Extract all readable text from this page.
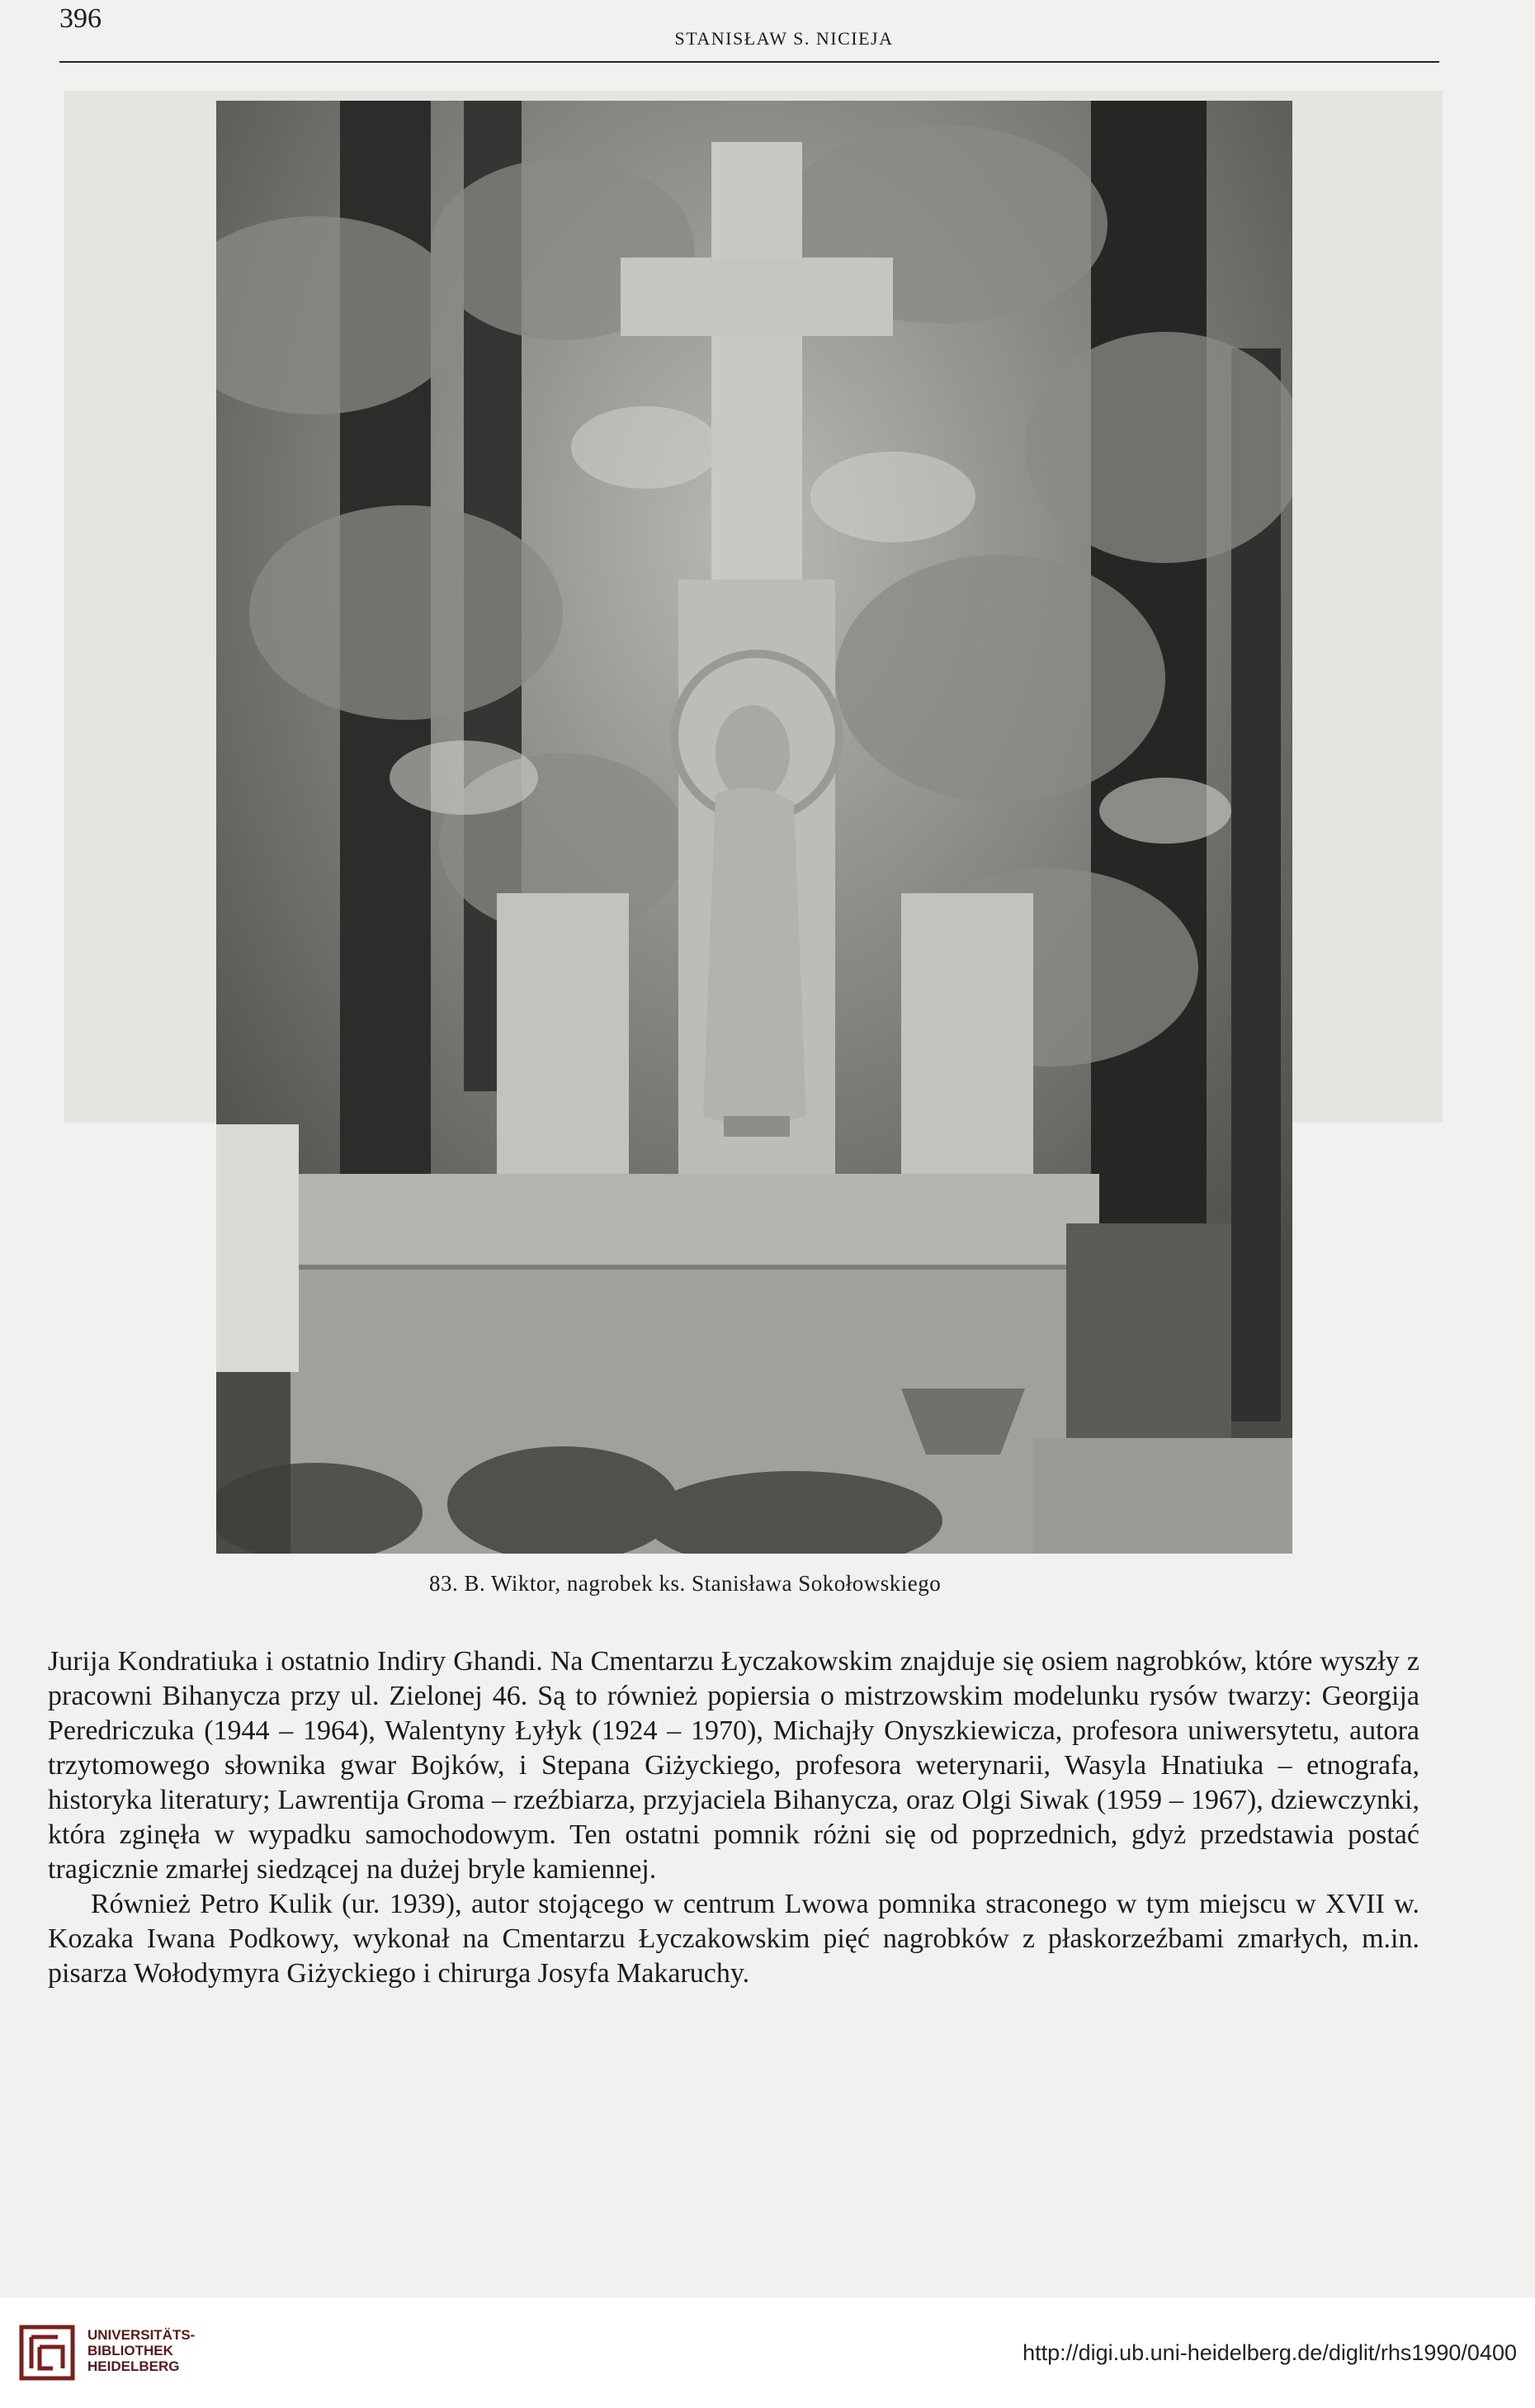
396
STANISŁAW S. NICIEJA
83. B. Wiktor, nagrobek ks. Stanisława Sokołowskiego

Jurija Kondratiuka i ostatnio Indiry Ghandi. Na Cmentarzu Łyczakowskim znajduje się osiem nagrobków, które wyszły z pracowni Bihanycza przy ul. Zielonej 46. Są to również popiersia o mistrzowskim modelunku rysów twarzy: Georgija Peredriczuka (1944 – 1964), Walentyny Łyłyk (1924 – 1970), Michajły Onyszkiewicza, profesora uniwersytetu, autora trzytomowego słownika gwar Bojków, i Stepana Giżyckiego, profesora weterynarii, Wasyla Hnatiuka – etnografa, historyka literatury; Lawrentija Groma – rzeźbiarza, przyjaciela Bihanycza, oraz Olgi Siwak (1959 – 1967), dziewczynki, która zginęła w wypadku samochodowym. Ten ostatni pomnik różni się od poprzednich, gdyż przedstawia postać tragicznie zmarłej siedzącej na dużej bryle kamiennej.

Również Petro Kulik (ur. 1939), autor stojącego w centrum Lwowa pomnika straconego w tym miejscu w XVII w. Kozaka Iwana Podkowy, wykonał na Cmentarzu Łyczakowskim pięć nagrobków z płaskorzeźbami zmarłych, m.in. pisarza Wołodymyra Giżyckiego i chirurga Josyfa Makaruchy.

UNIVERSITÄTS-
BIBLIOTHEK
HEIDELBERG
http://digi.ub.uni-heidelberg.de/diglit/rhs1990/0400
